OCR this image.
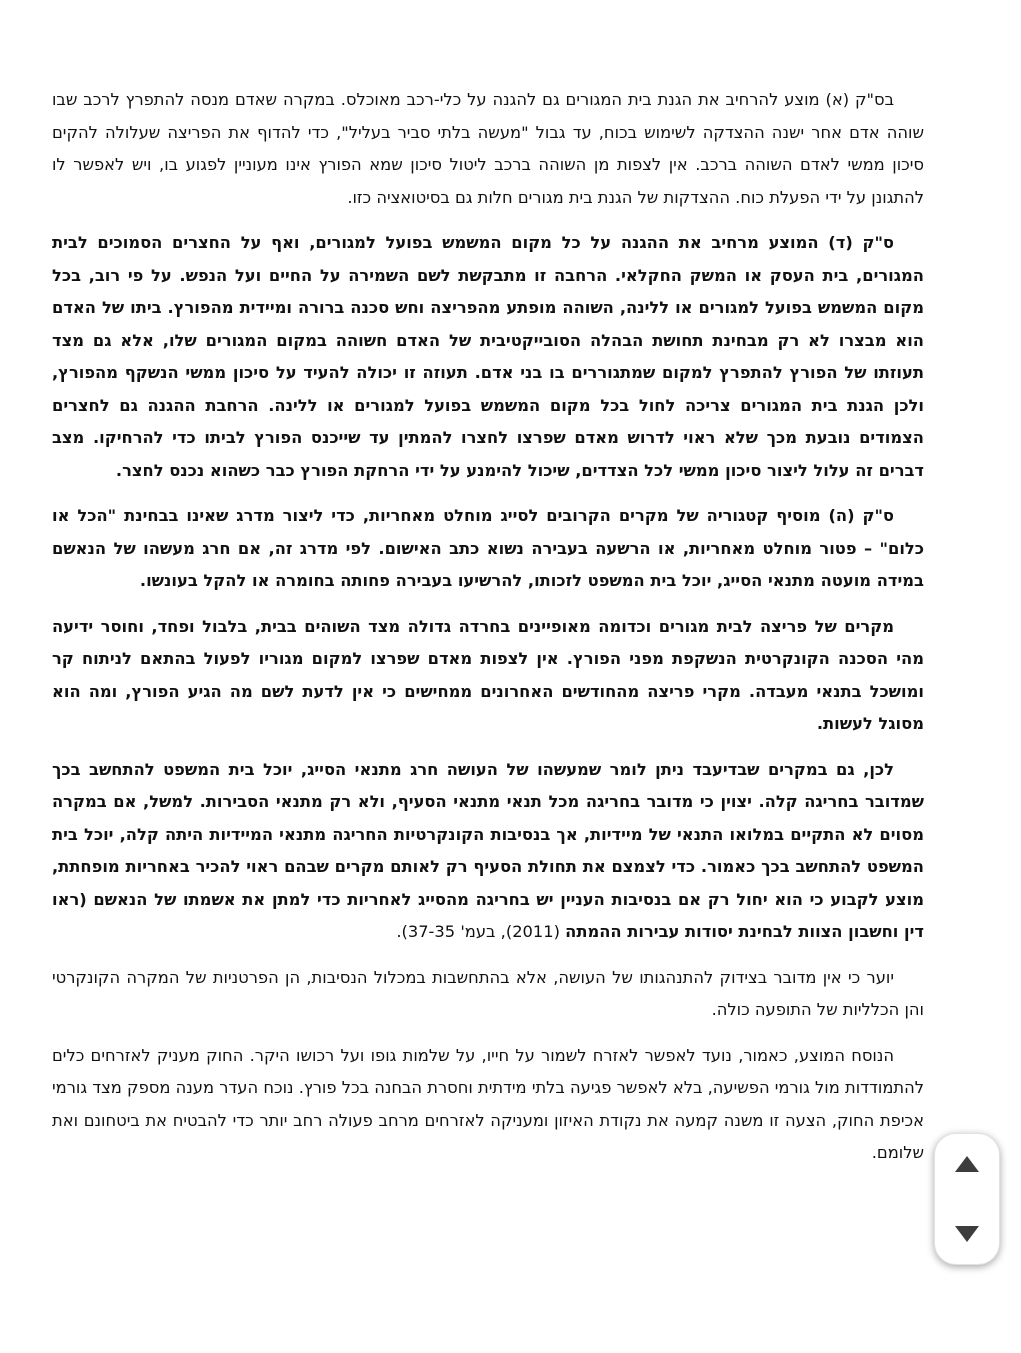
בס"ק (א) מוצע להרחיב את הגנת בית המגורים גם להגנה על כלי-רכב מאוכלס. במקרה שאדם מנסה להתפרץ לרכב שבו שוהה אדם אחר ישנה ההצדקה לשימוש בכוח, עד גבול "מעשה בלתי סביר בעליל", כדי להדוף את הפריצה שעלולה להקים סיכון ממשי לאדם השוהה ברכב. אין לצפות מן השוהה ברכב ליטול סיכון שמא הפורץ אינו מעוניין לפגוע בו, ויש לאפשר לו להתגונן על ידי הפעלת כוח. ההצדקות של הגנת בית מגורים חלות גם בסיטואציה כזו.

ס"ק (ד) המוצע מרחיב את ההגנה על כל מקום המשמש בפועל למגורים, ואף על החצרים הסמוכים לבית המגורים, בית העסק או המשק החקלאי. הרחבה זו מתבקשת לשם השמירה על החיים ועל הנפש. על פי רוב, בכל מקום המשמש בפועל למגורים או ללינה, השוהה מופתע מהפריצה וחש סכנה ברורה ומיידית מהפורץ. ביתו של האדם הוא מבצרו לא רק מבחינת תחושת הבהלה הסובייקטיבית של האדם חשוהה במקום המגורים שלו, אלא גם מצד תעוזתו של הפורץ להתפרץ למקום שמתגוררים בו בני אדם. תעוזה זו יכולה להעיד על סיכון ממשי הנשקף מהפורץ, ולכן הגנת בית המגורים צריכה לחול בכל מקום המשמש בפועל למגורים או ללינה. הרחבת ההגנה גם לחצרים הצמודים נובעת מכך שלא ראוי לדרוש מאדם שפרצו לחצרו להמתין עד שייכנס הפורץ לביתו כדי להרחיקו. מצב דברים זה עלול ליצור סיכון ממשי לכל הצדדים, שיכול להימנע על ידי הרחקת הפורץ כבר כשהוא נכנס לחצר.

ס"ק (ה) מוסיף קטגוריה של מקרים הקרובים לסייג מוחלט מאחריות, כדי ליצור מדרג שאינו בבחינת "הכל או כלום" – פטור מוחלט מאחריות, או הרשעה בעבירה נשוא כתב האישום. לפי מדרג זה, אם חרג מעשהו של הנאשם במידה מועטה מתנאי הסייג, יוכל בית המשפט לזכותו, להרשיעו בעבירה פחותה בחומרה או להקל בעונשו.

מקרים של פריצה לבית מגורים וכדומה מאופיינים בחרדה גדולה מצד השוהים בבית, בלבול ופחד, וחוסר ידיעה מהי הסכנה הקונקרטית הנשקפת מפני הפורץ. אין לצפות מאדם שפרצו למקום מגוריו לפעול בהתאם לניתוח קר ומושכל בתנאי מעבדה. מקרי פריצה מהחודשים האחרונים ממחישים כי אין לדעת לשם מה הגיע הפורץ, ומה הוא מסוגל לעשות.

לכן, גם במקרים שבדיעבד ניתן לומר שמעשהו של העושה חרג מתנאי הסייג, יוכל בית המשפט להתחשב בכך שמדובר בחריגה קלה. יצוין כי מדובר בחריגה מכל תנאי מתנאי הסעיף, ולא רק מתנאי הסבירות. למשל, אם במקרה מסוים לא התקיים במלואו התנאי של מיידיות, אך בנסיבות הקונקרטיות החריגה מתנאי המיידיות היתה קלה, יוכל בית המשפט להתחשב בכך כאמור. כדי לצמצם את תחולת הסעיף רק לאותם מקרים שבהם ראוי להכיר באחריות מופחתת, מוצע לקבוע כי הוא יחול רק אם בנסיבות העניין יש בחריגה מהסייג לאחריות כדי למתן את אשמתו של הנאשם (ראו דין וחשבון הצוות לבחינת יסודות עבירות ההמתה (2011), בעמ' 37-35).

יוער כי אין מדובר בצידוק להתנהגותו של העושה, אלא בהתחשבות במכלול הנסיבות, הן הפרטניות של המקרה הקונקרטי והן הכלליות של התופעה כולה.

הנוסח המוצע, כאמור, נועד לאפשר לאזרח לשמור על חייו, על שלמות גופו ועל רכושו היקר. החוק מעניק לאזרחים כלים להתמודדות מול גורמי הפשיעה, בלא לאפשר פגיעה בלתי מידתית וחסרת הבחנה בכל פורץ. נוכח העדר מענה מספק מצד גורמי אכיפת החוק, הצעה זו משנה קמעה את נקודת האיזון ומעניקה לאזרחים מרחב פעולה רחב יותר כדי להבטיח את ביטחונם ואת שלומם.
